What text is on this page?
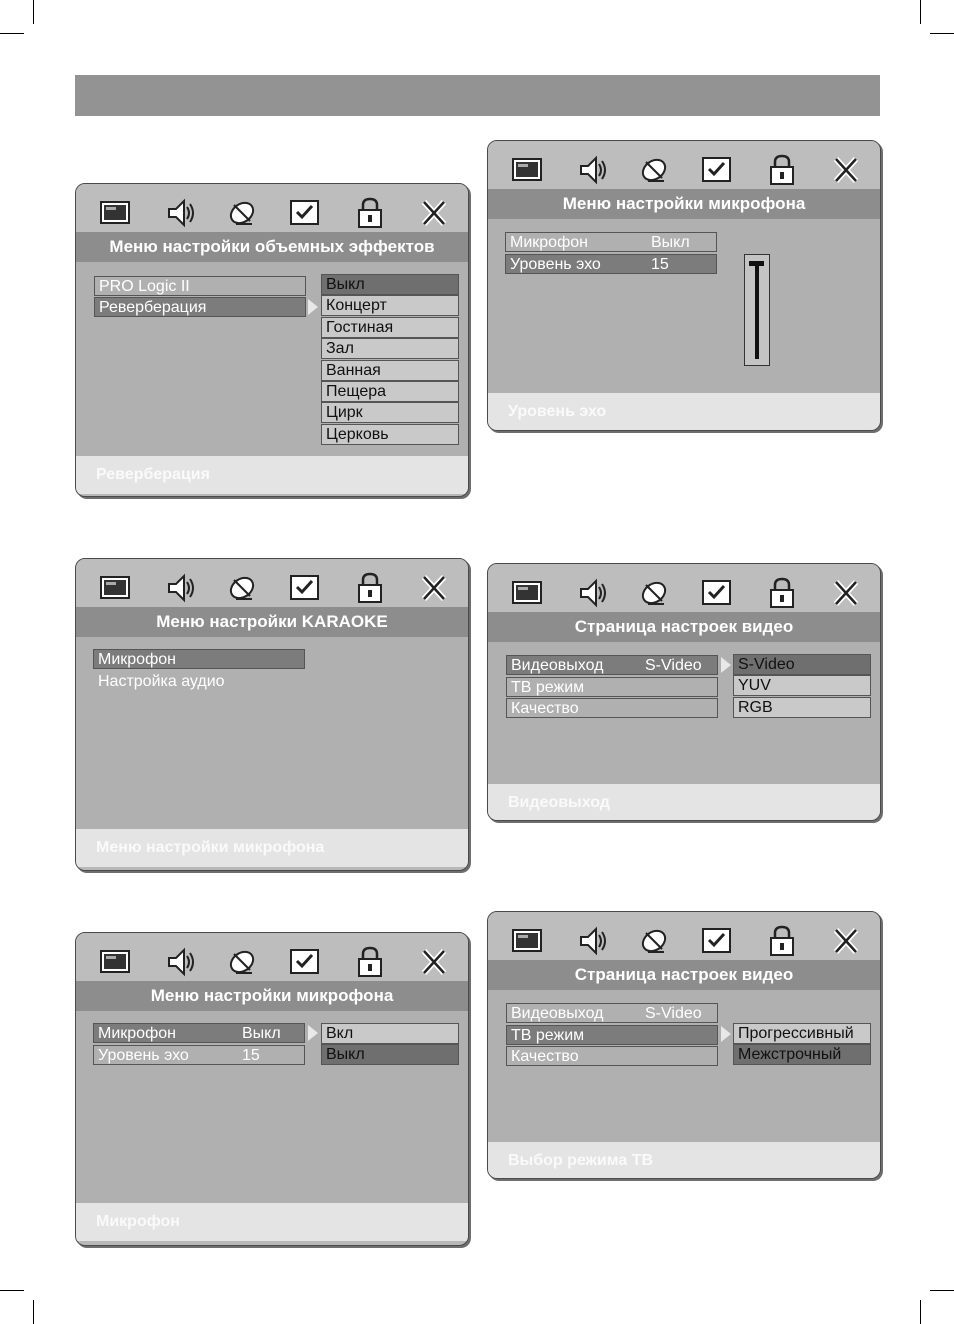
Меню настройки объемных эффектов
PRO Logic II
Реверберация
Реверберация
Выкл
Концерт
Гостиная
Зал
Ванная
Пещера
Цирк
Церковь
Меню настройки микрофона
Микрофон	Выкл
Уровень эхо	15
Уровень эхо
Меню настройки KARAOKE
Микрофон
Настройка аудио
Меню настройки микрофона
Страница настроек видео
Видеовыход	S-Video
ТВ режим
Качество
Видеовыход
S-Video
YUV
RGB
Меню настройки микрофона
Микрофон	Выкл
Уровень эхо	15
Микрофон
Вкл
Выкл
Страница настроек видео
Видеовыход	S-Video
ТВ режим
Качество
Выбор режима ТВ
Прогрессивный
Межстрочный
